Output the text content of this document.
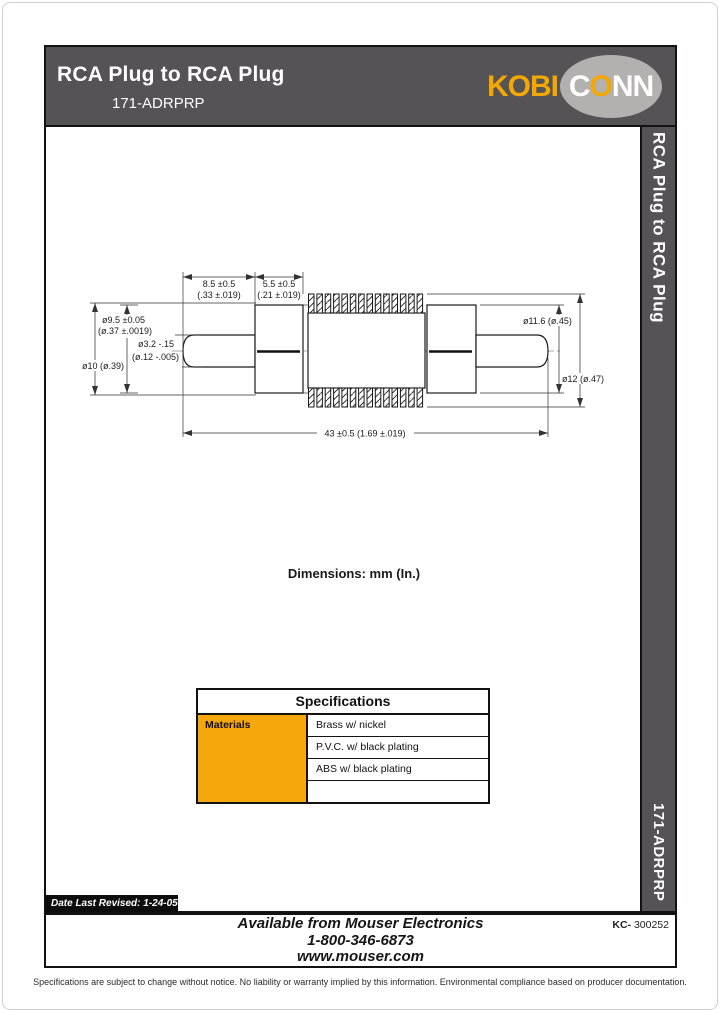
RCA Plug to RCA Plug
171-ADRPRP
KOBI CONN
RCA Plug to RCA Plug
171-ADRPRP
8.5 ±0.5
(.33 ±.019)
5.5 ±0.5
(.21 ±.019)
ø10 (ø.39)
ø9.5 ±0.05
(ø.37 ±.0019)
ø3.2 -.15
(ø.12 -.005)
ø11.6 (ø.45)
ø12 (ø.47)
43 ±0.5 (1.69 ±.019)
Dimensions: mm (In.)
Specifications
Materials	Brass w/ nickel
P.V.C. w/ black plating
ABS w/ black plating
Date Last Revised: 1-24-05
Available from Mouser Electronics
1-800-346-6873
www.mouser.com
KC- 300252
Specifications are subject to change without notice. No liability or warranty implied by this information. Environmental compliance based on producer documentation.
